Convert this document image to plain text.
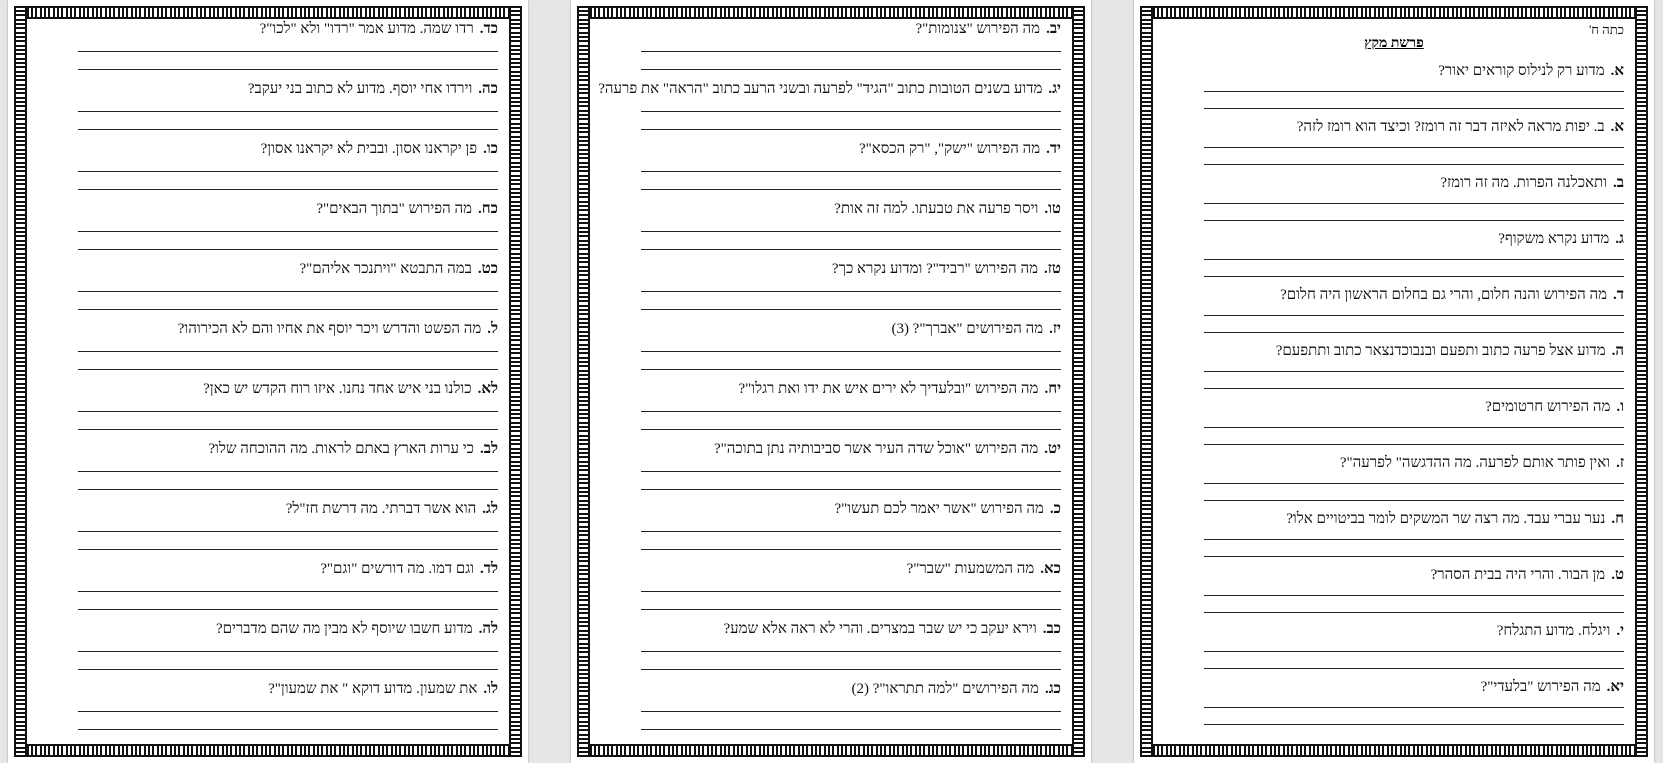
כד.רדו שמה. מדוע אמר "רדו" ולא "לכו"?
כה.וירדו אחי יוסף. מדוע לא כתוב בני יעקב?
כו.פן יקראנו אסון. ובבית לא יקראנו אסון?
כח.מה הפירוש "בתוך הבאים"?
כט.במה התבטא "ויתנכר אליהם"?
ל.מה הפשט והדרש ויכר יוסף את אחיו והם לא הכירוהו?
לא.כולנו בני איש אחד נחנו. איזו רוח הקדש יש כאן?
לב.כי ערות הארץ באתם לראות. מה ההוכחה שלו?
לג.הוא אשר דברתי. מה דרשת חז"ל?
לד.וגם דמו. מה דורשים "וגם"?
לה.מדוע חשבו שיוסף לא מבין מה שהם מדברים?
לו.את שמעון. מדוע דוקא " את שמעון"?
יב.מה הפירוש "צנומות"?
יג.מדוע בשנים הטובות כתוב "הגיד" לפרעה ובשני הרעב כתוב "הראה" את פרעה?
יד.מה הפירוש "ישק", "רק הכסא"?
טו.ויסר פרעה את טבעתו. למה זה אות?
טז.מה הפירוש "רביד"? ומדוע נקרא כך?
יז.מה הפירושים "אברך"? (3)
יח.מה הפירוש "ובלעדיך לא ירים איש את ידו ואת רגלו"?
יט.מה הפירוש "אוכל שדה העיר אשר סביבותיה נתן בתוכה"?
כ.מה הפירוש "אשר יאמר לכם תעשו"?
כא.מה המשמעות "שבר"?
כב.וירא יעקב כי יש שבר במצרים. והרי לא ראה אלא שמע?
כג.מה הפירושים "למה תתראו"? (2)
כתה ח'
פרשת מקץ
א.מדוע רק לנילוס קוראים יאור?
א.ב. יפות מראה לאיזה דבר זה רומז? וכיצד הוא רומז לזה?
ב.ותאכלנה הפרות. מה זה רומז?
ג.מדוע נקרא משקוף?
ד.מה הפירוש והנה חלום, והרי גם בחלום הראשון היה חלום?
ה.מדוע אצל פרעה כתוב ותפעם ובנבוכדנצאר כתוב ותתפעם?
ו.מה הפירוש חרטומים?
ז.ואין פותר אותם לפרעה. מה ההדגשה" לפרעה"?
ח.נער עברי עבד. מה רצה שר המשקים לומר בביטויים אלו?
ט.מן הבור. והרי היה בבית הסהר?
י.ויגלח. מדוע התגלח?
יא.מה הפירוש "בלעדי"?
